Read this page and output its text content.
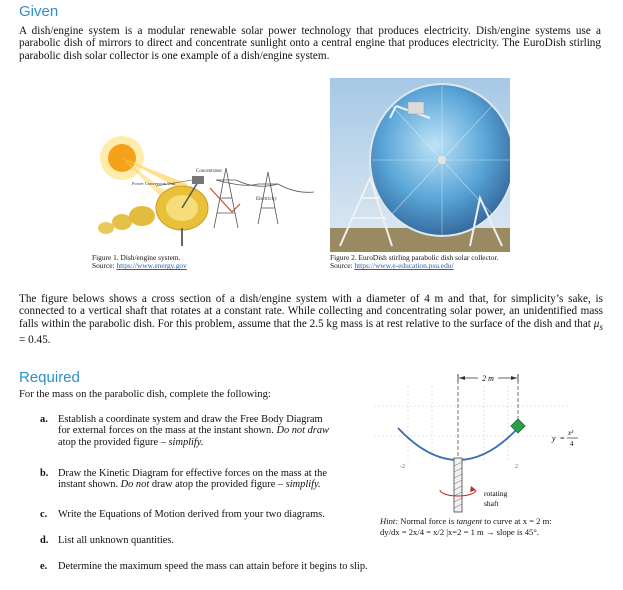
Given
A dish/engine system is a modular renewable solar power technology that produces electricity. Dish/engine systems use a parabolic dish of mirrors to direct and concentrate sunlight onto a central engine that produces electricity. The EuroDish stirling parabolic dish solar collector is one example of a dish/engine system.
Concentrator
Power Conversion Unit
Electricity
Figure 1. Dish/engine system.
Source: https://www.energy.gov
Figure 2. EuroDish stirling parabolic dish solar collector.
Source: https://www.e-education.psu.edu/
The figure belows shows a cross section of a dish/engine system with a diameter of 4 m and that, for simplicity’s sake, is connected to a vertical shaft that rotates at a constant rate. While collecting and concentrating solar power, an unidentified mass falls within the parabolic dish. For this problem, assume that the 2.5 kg mass is at rest relative to the surface of the dish and that $\mu_s = 0.45$.
Required
For the mass on the parabolic dish, complete the following:
a. Establish a coordinate system and draw the Free Body Diagram
for external forces on the mass at the instant shown. Do not draw
atop the provided figure – simplify.
b. Draw the Kinetic Diagram for effective forces on the mass at the
instant shown. Do not draw atop the provided figure – simplify.
c. Write the Equations of Motion derived from your two diagrams.
d. List all unknown quantities.
e. Determine the maximum speed the mass can attain before it begins to slip.
2 m
y =
x²
4
-2	2
rotating
shaft
Hint: Normal force is tangent to curve at x = 2 m:
dy/dx = 2x/4 = x/2 |x=2 = 1 m → slope is 45°.
